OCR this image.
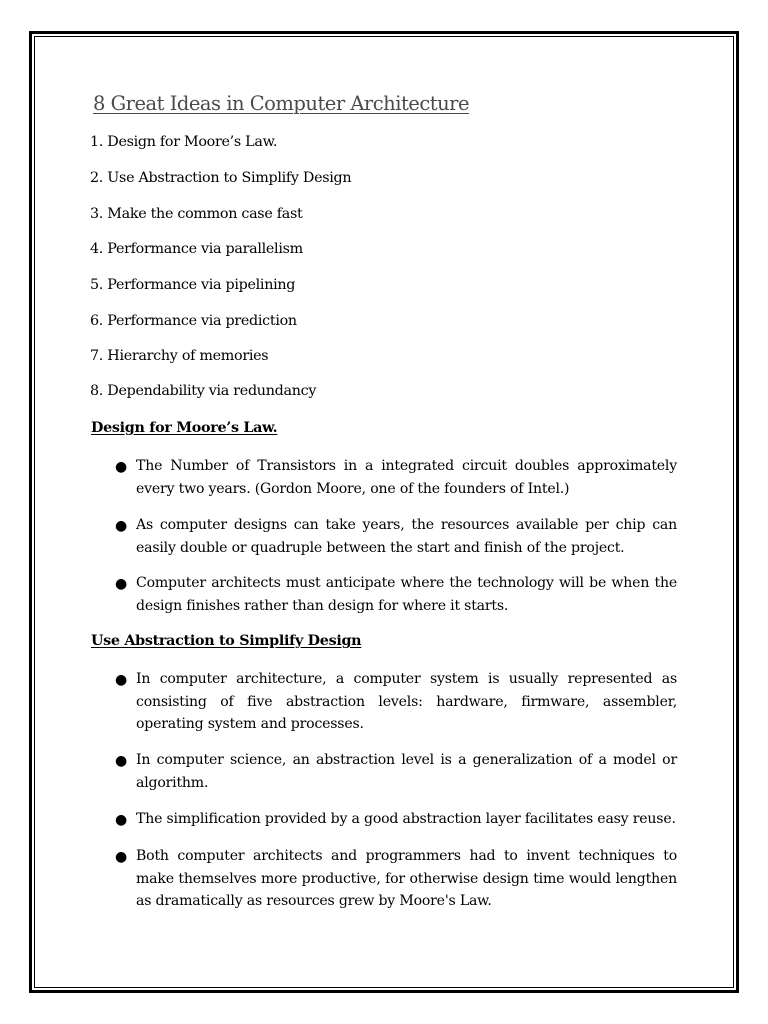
8 Great Ideas in Computer Architecture
1. Design for Moore’s Law.
2. Use Abstraction to Simplify Design
3. Make the common case fast
4. Performance via parallelism
5. Performance via pipelining
6. Performance via prediction
7. Hierarchy of memories
8. Dependability via redundancy
Design for Moore’s Law.
● The Number of Transistors in a integrated circuit doubles approximately every two years. (Gordon Moore, one of the founders of Intel.)
● As computer designs can take years, the resources available per chip can easily double or quadruple between the start and finish of the project.
● Computer architects must anticipate where the technology will be when the design finishes rather than design for where it starts.
Use Abstraction to Simplify Design
● In computer architecture, a computer system is usually represented as consisting of five abstraction levels: hardware, firmware, assembler, operating system and processes.
● In computer science, an abstraction level is a generalization of a model or algorithm.
● The simplification provided by a good abstraction layer facilitates easy reuse.
● Both computer architects and programmers had to invent techniques to make themselves more productive, for otherwise design time would lengthen as dramatically as resources grew by Moore's Law.
